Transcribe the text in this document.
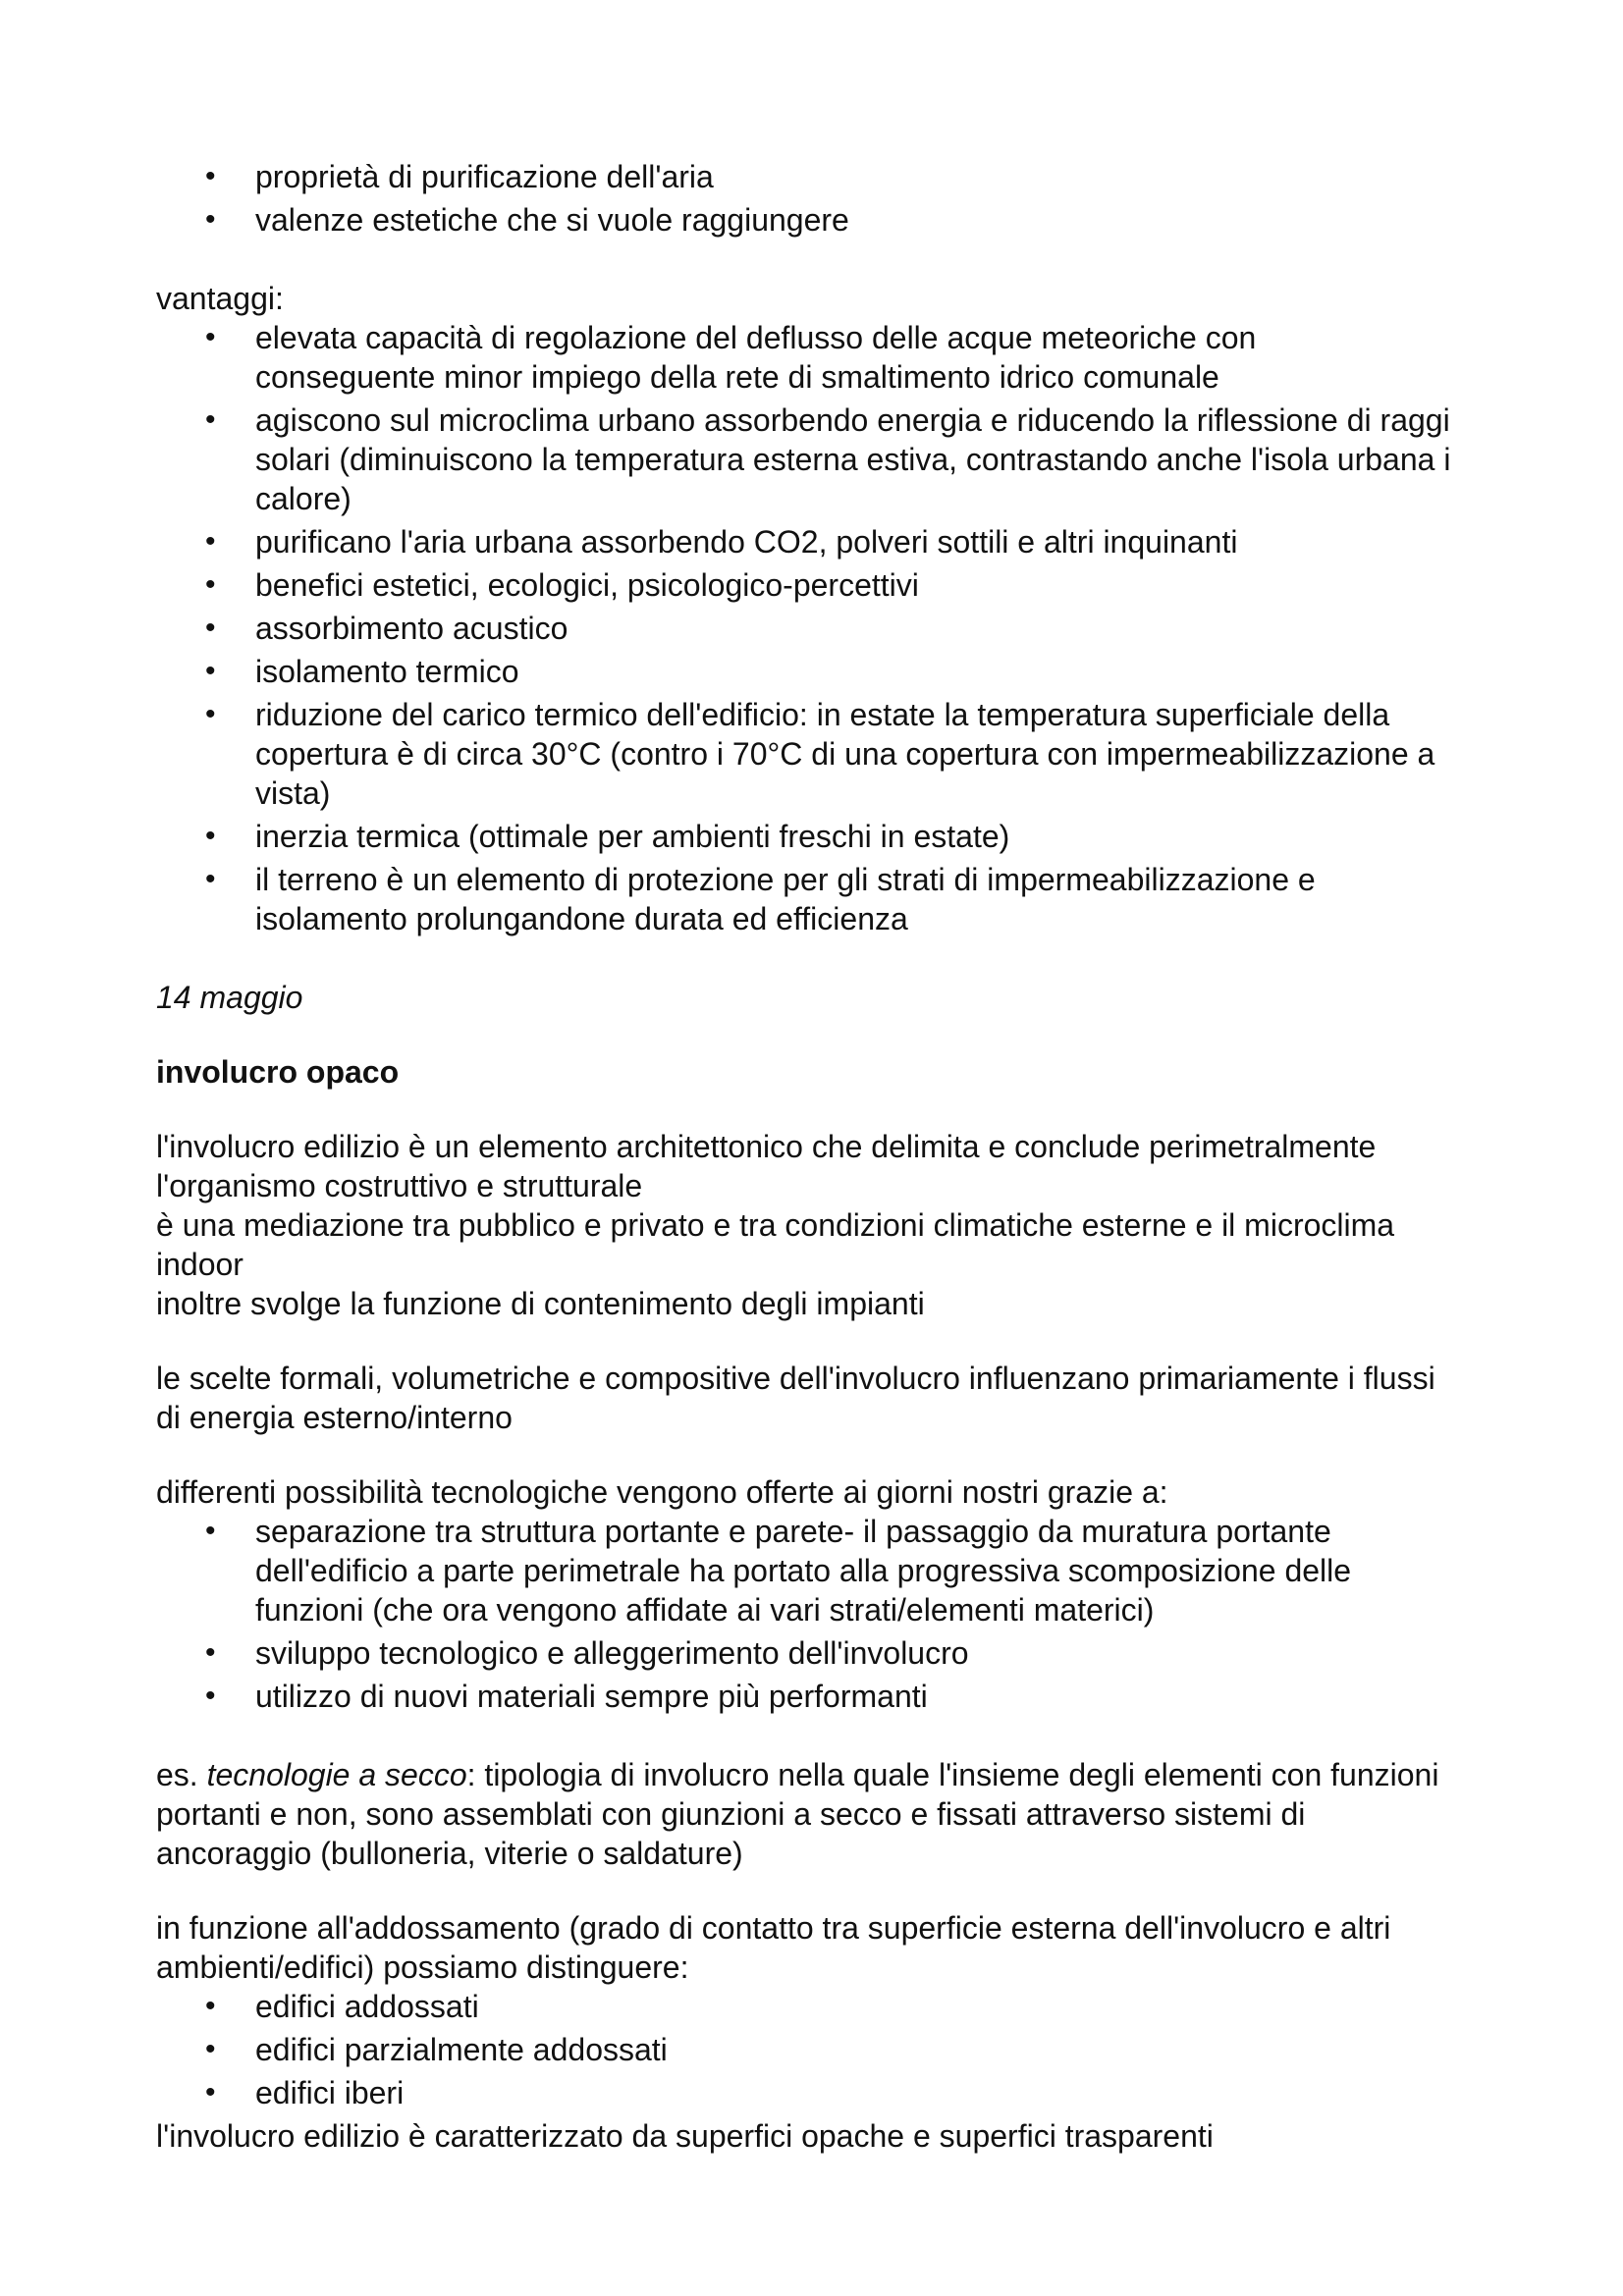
• proprietà di purificazione dell'aria
• valenze estetiche che si vuole raggiungere

vantaggi:

• elevata capacità di regolazione del deflusso delle acque meteoriche con conseguente minor impiego della rete di smaltimento idrico comunale
• agiscono sul microclima urbano assorbendo energia e riducendo la riflessione di raggi solari (diminuiscono la temperatura esterna estiva, contrastando anche l'isola urbana i calore)
• purificano l'aria urbana assorbendo CO2, polveri sottili e altri inquinanti
• benefici estetici, ecologici, psicologico-percettivi
• assorbimento acustico
• isolamento termico
• riduzione del carico termico dell'edificio: in estate la temperatura superficiale della copertura è di circa 30°C (contro i 70°C di una copertura con impermeabilizzazione a vista)
• inerzia termica (ottimale per ambienti freschi in estate)
• il terreno è un elemento di protezione per gli strati di impermeabilizzazione e isolamento prolungandone durata ed efficienza

14 maggio

involucro opaco

l'involucro edilizio è un elemento architettonico che delimita e conclude perimetralmente l'organismo costruttivo e strutturale

è una mediazione tra pubblico e privato e tra condizioni climatiche esterne e il microclima indoor

inoltre svolge la funzione di contenimento degli impianti

le scelte formali, volumetriche e compositive dell'involucro influenzano primariamente i flussi di energia esterno/interno

differenti possibilità tecnologiche vengono offerte ai giorni nostri grazie a:

• separazione tra struttura portante e parete- il passaggio da muratura portante dell'edificio a parte perimetrale ha portato alla progressiva scomposizione delle funzioni (che ora vengono affidate ai vari strati/elementi materici)
• sviluppo tecnologico e alleggerimento dell'involucro
• utilizzo di nuovi materiali sempre più performanti

es. tecnologie a secco: tipologia di involucro nella quale l'insieme degli elementi con funzioni portanti e non, sono assemblati con giunzioni a secco e fissati attraverso sistemi di ancoraggio (bulloneria, viterie o saldature)

in funzione all'addossamento (grado di contatto tra superficie esterna dell'involucro e altri ambienti/edifici) possiamo distinguere:

• edifici addossati
• edifici parzialmente addossati
• edifici iberi

l'involucro edilizio è caratterizzato da superfici opache e superfici trasparenti
